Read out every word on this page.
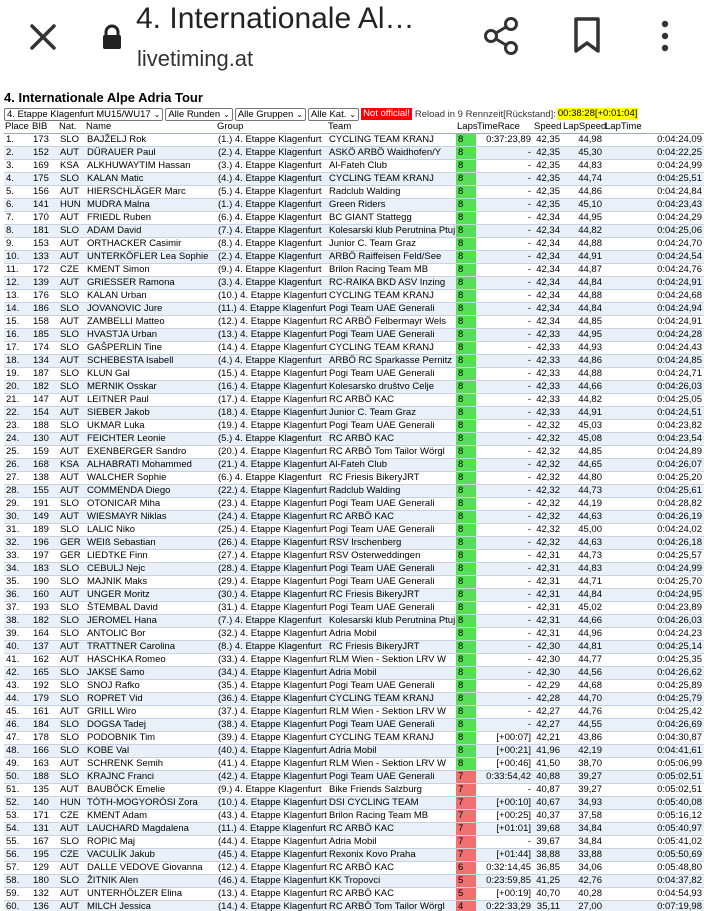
4. Internationale Al…
livetiming.at
4. Internationale Alpe Adria Tour
4. Etappe Klagenfurt MU15/WU17 ⌄ Alle Runden ⌄ Alle Gruppen ⌄ Alle Kat. ⌄ Not official! Reload in 9 Rennzeit[Rückstand]: 00:38:28[+0:01:04]
Place	BIB	Nat.	Name	Group	Team	Laps	TimeRace	Speed	LapSpeed	LapTime
1.	173	SLO	BAJŽELJ Rok	(1.) 4. Etappe Klagenfurt	CYCLING TEAM KRANJ	8	0:37:23,89	42,35	44,98	0:04:24,09
2.	152	AUT	DÜRAUER Paul	(2.) 4. Etappe Klagenfurt	ASKÖ ARBÖ Waidhofen/Y	8	-	42,35	45,30	0:04:22,25
3.	169	KSA	ALKHUWAYTIM Hassan	(3.) 4. Etappe Klagenfurt	Al-Fateh Club	8	-	42,35	44,83	0:04:24,99
4.	175	SLO	KALAN Matic	(4.) 4. Etappe Klagenfurt	CYCLING TEAM KRANJ	8	-	42,35	44,74	0:04:25,51
5.	156	AUT	HIERSCHLÄGER Marc	(5.) 4. Etappe Klagenfurt	Radclub Walding	8	-	42,35	44,86	0:04:24,84
6.	141	HUN	MUDRA Malna	(1.) 4. Etappe Klagenfurt	Green Riders	8	-	42,35	45,10	0:04:23,43
7.	170	AUT	FRIEDL Ruben	(6.) 4. Etappe Klagenfurt	BC GIANT Stattegg	8	-	42,34	44,95	0:04:24,29
8.	181	SLO	ADAM David	(7.) 4. Etappe Klagenfurt	Kolesarski klub Perutnina Ptuj	8	-	42,34	44,82	0:04:25,06
9.	153	AUT	ORTHACKER Casimir	(8.) 4. Etappe Klagenfurt	Junior C. Team Graz	8	-	42,34	44,88	0:04:24,70
10.	133	AUT	UNTERKÖFLER Lea Sophie	(2.) 4. Etappe Klagenfurt	ARBÖ Raiffeisen Feld/See	8	-	42,34	44,91	0:04:24,54
11.	172	CZE	KMENT Simon	(9.) 4. Etappe Klagenfurt	Brilon Racing Team MB	8	-	42,34	44,87	0:04:24,76
12.	139	AUT	GRIESSER Ramona	(3.) 4. Etappe Klagenfurt	RC-RAIKA BKD ASV Inzing	8	-	42,34	44,84	0:04:24,91
13.	176	SLO	KALAN Urban	(10.) 4. Etappe Klagenfurt	CYCLING TEAM KRANJ	8	-	42,34	44,88	0:04:24,68
14.	186	SLO	JOVANOVIC Jure	(11.) 4. Etappe Klagenfurt	Pogi Team UAE Generali	8	-	42,34	44,84	0:04:24,94
15.	158	AUT	ZAMBELLI Matteo	(12.) 4. Etappe Klagenfurt	RC ARBÖ Felbermayr Wels	8	-	42,34	44,85	0:04:24,91
16.	185	SLO	HVASTJA Urban	(13.) 4. Etappe Klagenfurt	Pogi Team UAE Generali	8	-	42,33	44,95	0:04:24,28
17.	174	SLO	GAŠPERLIN Tine	(14.) 4. Etappe Klagenfurt	CYCLING TEAM KRANJ	8	-	42,33	44,93	0:04:24,43
18.	134	AUT	SCHEBESTA Isabell	(4.) 4. Etappe Klagenfurt	ARBÖ RC Sparkasse Pernitz	8	-	42,33	44,86	0:04:24,85
19.	187	SLO	KLUN Gal	(15.) 4. Etappe Klagenfurt	Pogi Team UAE Generali	8	-	42,33	44,88	0:04:24,71
20.	182	SLO	MERNIK Osskar	(16.) 4. Etappe Klagenfurt	Kolesarsko društvo Celje	8	-	42,33	44,66	0:04:26,03
21.	147	AUT	LEITNER Paul	(17.) 4. Etappe Klagenfurt	RC ARBÖ KAC	8	-	42,33	44,82	0:04:25,05
22.	154	AUT	SIEBER Jakob	(18.) 4. Etappe Klagenfurt	Junior C. Team Graz	8	-	42,33	44,91	0:04:24,51
23.	188	SLO	UKMAR Luka	(19.) 4. Etappe Klagenfurt	Pogi Team UAE Generali	8	-	42,32	45,03	0:04:23,82
24.	130	AUT	FEICHTER Leonie	(5.) 4. Etappe Klagenfurt	RC ARBÖ KAC	8	-	42,32	45,08	0:04:23,54
25.	159	AUT	EXENBERGER Sandro	(20.) 4. Etappe Klagenfurt	RC ARBÖ Tom Tailor Wörgl	8	-	42,32	44,85	0:04:24,89
26.	168	KSA	ALHABRATI Mohammed	(21.) 4. Etappe Klagenfurt	Al-Fateh Club	8	-	42,32	44,65	0:04:26,07
27.	138	AUT	WALCHER Sophie	(6.) 4. Etappe Klagenfurt	RC Friesis BikeryJRT	8	-	42,32	44,80	0:04:25,20
28.	155	AUT	COMMENDA Diego	(22.) 4. Etappe Klagenfurt	Radclub Walding	8	-	42,32	44,73	0:04:25,61
29.	191	SLO	OTONICAR Miha	(23.) 4. Etappe Klagenfurt	Pogi Team UAE Generali	8	-	42,32	44,19	0:04:28,82
30.	149	AUT	WIESMAYR Niklas	(24.) 4. Etappe Klagenfurt	RC ARBÖ KAC	8	-	42,32	44,63	0:04:26,19
31.	189	SLO	LALIC Niko	(25.) 4. Etappe Klagenfurt	Pogi Team UAE Generali	8	-	42,32	45,00	0:04:24,02
32.	196	GER	WEIß Sebastian	(26.) 4. Etappe Klagenfurt	RSV Irschenberg	8	-	42,32	44,63	0:04:26,18
33.	197	GER	LIEDTKE Finn	(27.) 4. Etappe Klagenfurt	RSV Osterweddingen	8	-	42,31	44,73	0:04:25,57
34.	183	SLO	CEBULJ Nejc	(28.) 4. Etappe Klagenfurt	Pogi Team UAE Generali	8	-	42,31	44,83	0:04:24,99
35.	190	SLO	MAJNIK Maks	(29.) 4. Etappe Klagenfurt	Pogi Team UAE Generali	8	-	42,31	44,71	0:04:25,70
36.	160	AUT	UNGER Moritz	(30.) 4. Etappe Klagenfurt	RC Friesis BikeryJRT	8	-	42,31	44,84	0:04:24,95
37.	193	SLO	ŠTEMBAL David	(31.) 4. Etappe Klagenfurt	Pogi Team UAE Generali	8	-	42,31	45,02	0:04:23,89
38.	182	SLO	JEROMEL Hana	(7.) 4. Etappe Klagenfurt	Kolesarski klub Perutnina Ptuj	8	-	42,31	44,66	0:04:26,03
39.	164	SLO	ANTOLIC Bor	(32.) 4. Etappe Klagenfurt	Adria Mobil	8	-	42,31	44,96	0:04:24,23
40.	137	AUT	TRATTNER Carolina	(8.) 4. Etappe Klagenfurt	RC Friesis BikeryJRT	8	-	42,30	44,81	0:04:25,14
41.	162	AUT	HASCHKA Romeo	(33.) 4. Etappe Klagenfurt	RLM Wien - Sektion LRV W	8	-	42,30	44,77	0:04:25,35
42.	165	SLO	JAKSE Samo	(34.) 4. Etappe Klagenfurt	Adria Mobil	8	-	42,30	44,56	0:04:26,62
43.	192	SLO	SNOJ Rafko	(35.) 4. Etappe Klagenfurt	Pogi Team UAE Generali	8	-	42,29	44,68	0:04:25,89
44.	179	SLO	ROPRET Vid	(36.) 4. Etappe Klagenfurt	CYCLING TEAM KRANJ	8	-	42,28	44,70	0:04:25,79
45.	161	AUT	GRILL Wiro	(37.) 4. Etappe Klagenfurt	RLM Wien - Sektion LRV W	8	-	42,27	44,76	0:04:25,42
46.	184	SLO	DOGSA Tadej	(38.) 4. Etappe Klagenfurt	Pogi Team UAE Generali	8	-	42,27	44,55	0:04:26,69
47.	178	SLO	PODOBNIK Tim	(39.) 4. Etappe Klagenfurt	CYCLING TEAM KRANJ	8	[+00:07]	42,21	43,86	0:04:30,87
48.	166	SLO	KOBE Val	(40.) 4. Etappe Klagenfurt	Adria Mobil	8	[+00:21]	41,96	42,19	0:04:41,61
49.	163	AUT	SCHRENK Semih	(41.) 4. Etappe Klagenfurt	RLM Wien - Sektion LRV W	8	[+00:46]	41,50	38,70	0:05:06,99
50.	188	SLO	KRAJNC Franci	(42.) 4. Etappe Klagenfurt	Pogi Team UAE Generali	7	0:33:54,42	40,88	39,27	0:05:02,51
51.	135	AUT	BAUBÖCK Emelie	(9.) 4. Etappe Klagenfurt	Bike Friends Salzburg	7	-	40,87	39,27	0:05:02,51
52.	140	HUN	TÓTH-MOGYORÓSI Zora	(10.) 4. Etappe Klagenfurt	DSI CYCLING TEAM	7	[+00:10]	40,67	34,93	0:05:40,08
53.	171	CZE	KMENT Adam	(43.) 4. Etappe Klagenfurt	Brilon Racing Team MB	7	[+00:25]	40,37	37,58	0:05:16,12
54.	131	AUT	LAUCHARD Magdalena	(11.) 4. Etappe Klagenfurt	RC ARBÖ KAC	7	[+01:01]	39,68	34,84	0:05:40,97
55.	167	SLO	ROPIC Maj	(44.) 4. Etappe Klagenfurt	Adria Mobil	7	-	39,67	34,84	0:05:41,02
56.	195	CZE	VACULÍK Jakub	(45.) 4. Etappe Klagenfurt	Rexonix Kovo Praha	7	[+01:44]	38,88	33,88	0:05:50,69
57.	129	AUT	DALLE VEDOVE Giovanna	(12.) 4. Etappe Klagenfurt	RC ARBÖ KAC	6	0:32:14,45	36,85	34,06	0:05:48,80
58.	180	SLO	ŽITNIK Alen	(46.) 4. Etappe Klagenfurt	KK Tropovci	5	0:23:59,85	41,25	42,76	0:04:37,82
59.	132	AUT	UNTERHÖLZER Elina	(13.) 4. Etappe Klagenfurt	RC ARBÖ KAC	5	[+00:19]	40,70	40,28	0:04:54,93
60.	136	AUT	MILCH Jessica	(14.) 4. Etappe Klagenfurt	RC ARBÖ Tom Tailor Wörgl	4	0:22:33,29	35,11	27,00	0:07:19,98
